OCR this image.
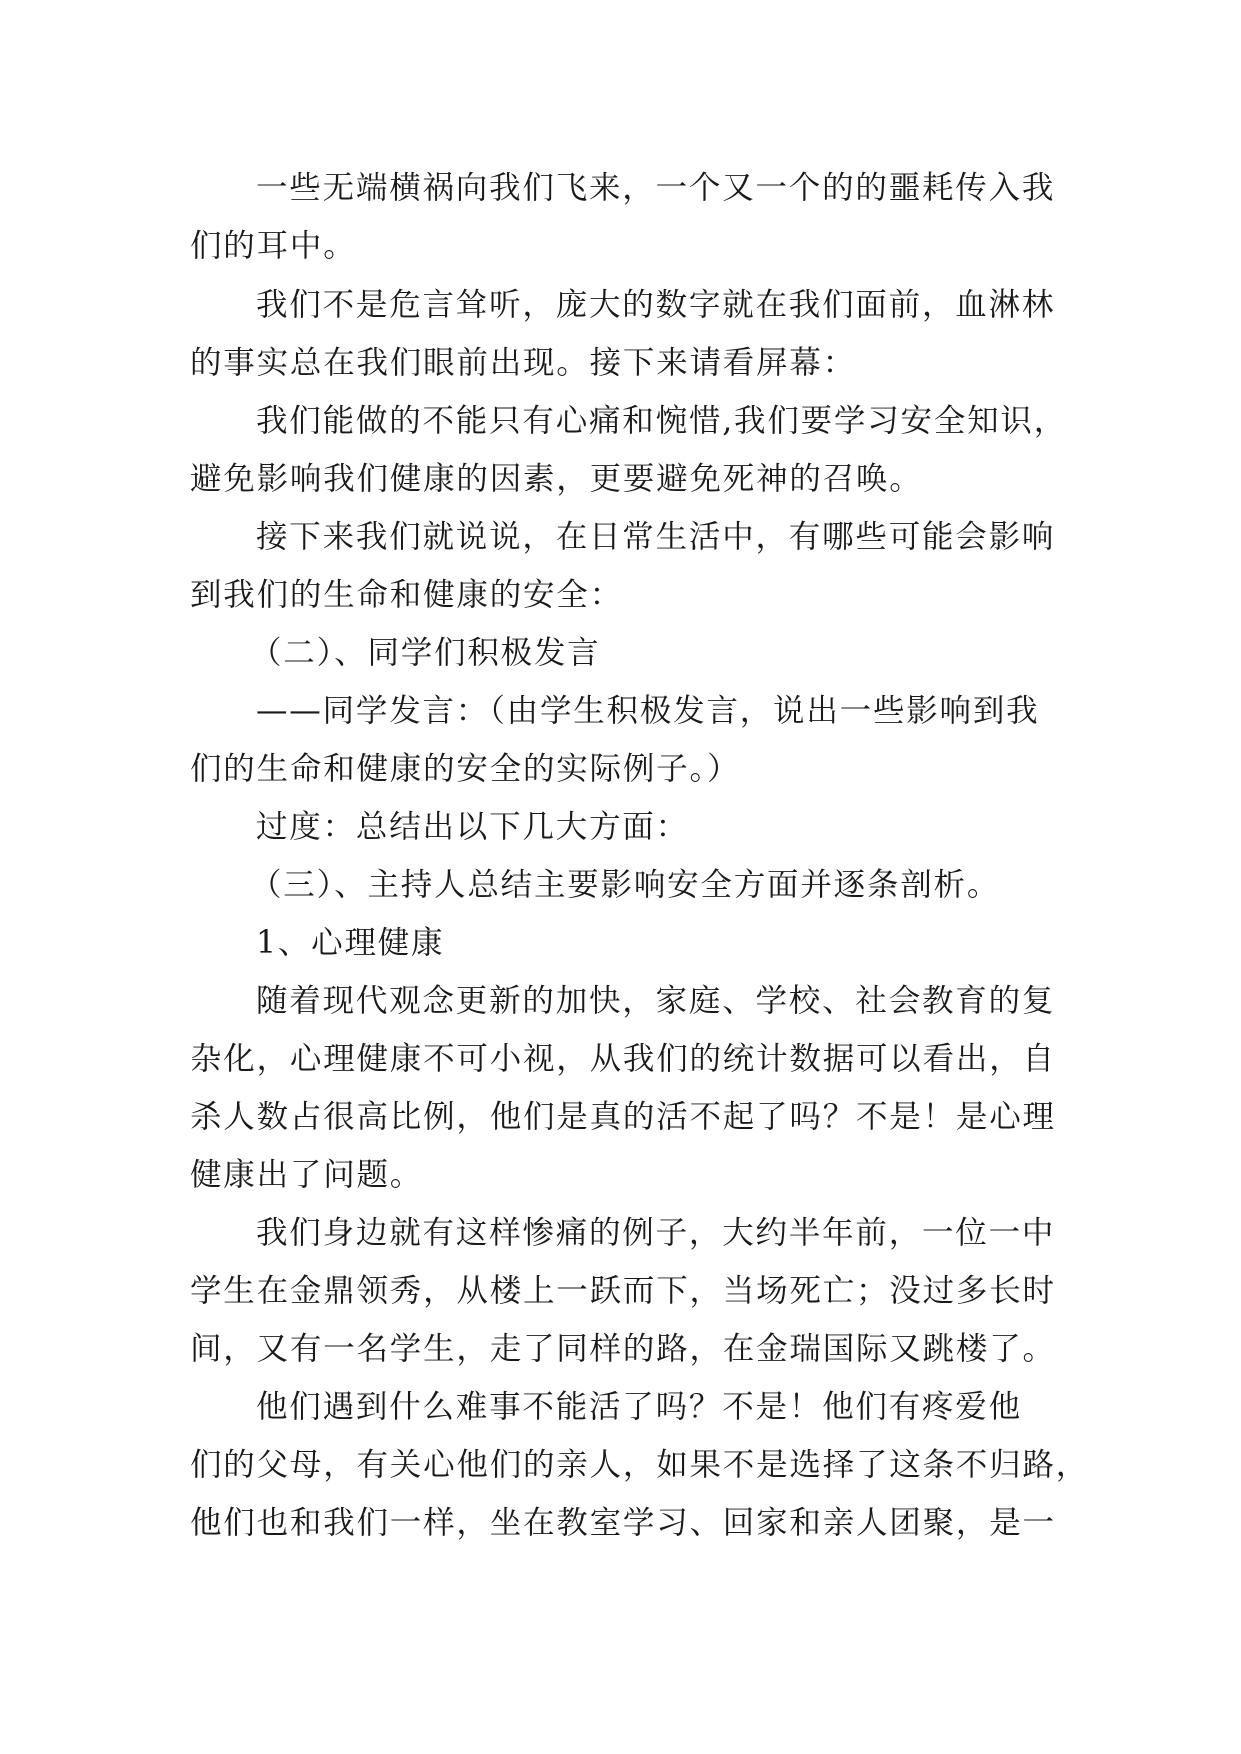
一些无端横祸向我们飞来，一个又一个的的噩耗传入我
们的耳中。
我们不是危言耸听，庞大的数字就在我们面前，血淋林
的事实总在我们眼前出现。接下来请看屏幕：
我们能做的不能只有心痛和惋惜,我们要学习安全知识，
避免影响我们健康的因素，更要避免死神的召唤。
接下来我们就说说，在日常生活中，有哪些可能会影响
到我们的生命和健康的安全：
（二）、同学们积极发言
——同学发言：（由学生积极发言，说出一些影响到我
们的生命和健康的安全的实际例子。）
过度：总结出以下几大方面：
（三）、主持人总结主要影响安全方面并逐条剖析。
1、心理健康
随着现代观念更新的加快，家庭、学校、社会教育的复
杂化，心理健康不可小视，从我们的统计数据可以看出，自
杀人数占很高比例，他们是真的活不起了吗？不是！是心理
健康出了问题。
我们身边就有这样惨痛的例子，大约半年前，一位一中
学生在金鼎领秀，从楼上一跃而下，当场死亡；没过多长时
间，又有一名学生，走了同样的路，在金瑞国际又跳楼了。
他们遇到什么难事不能活了吗？不是！他们有疼爱他
们的父母，有关心他们的亲人，如果不是选择了这条不归路，
他们也和我们一样，坐在教室学习、回家和亲人团聚，是一
